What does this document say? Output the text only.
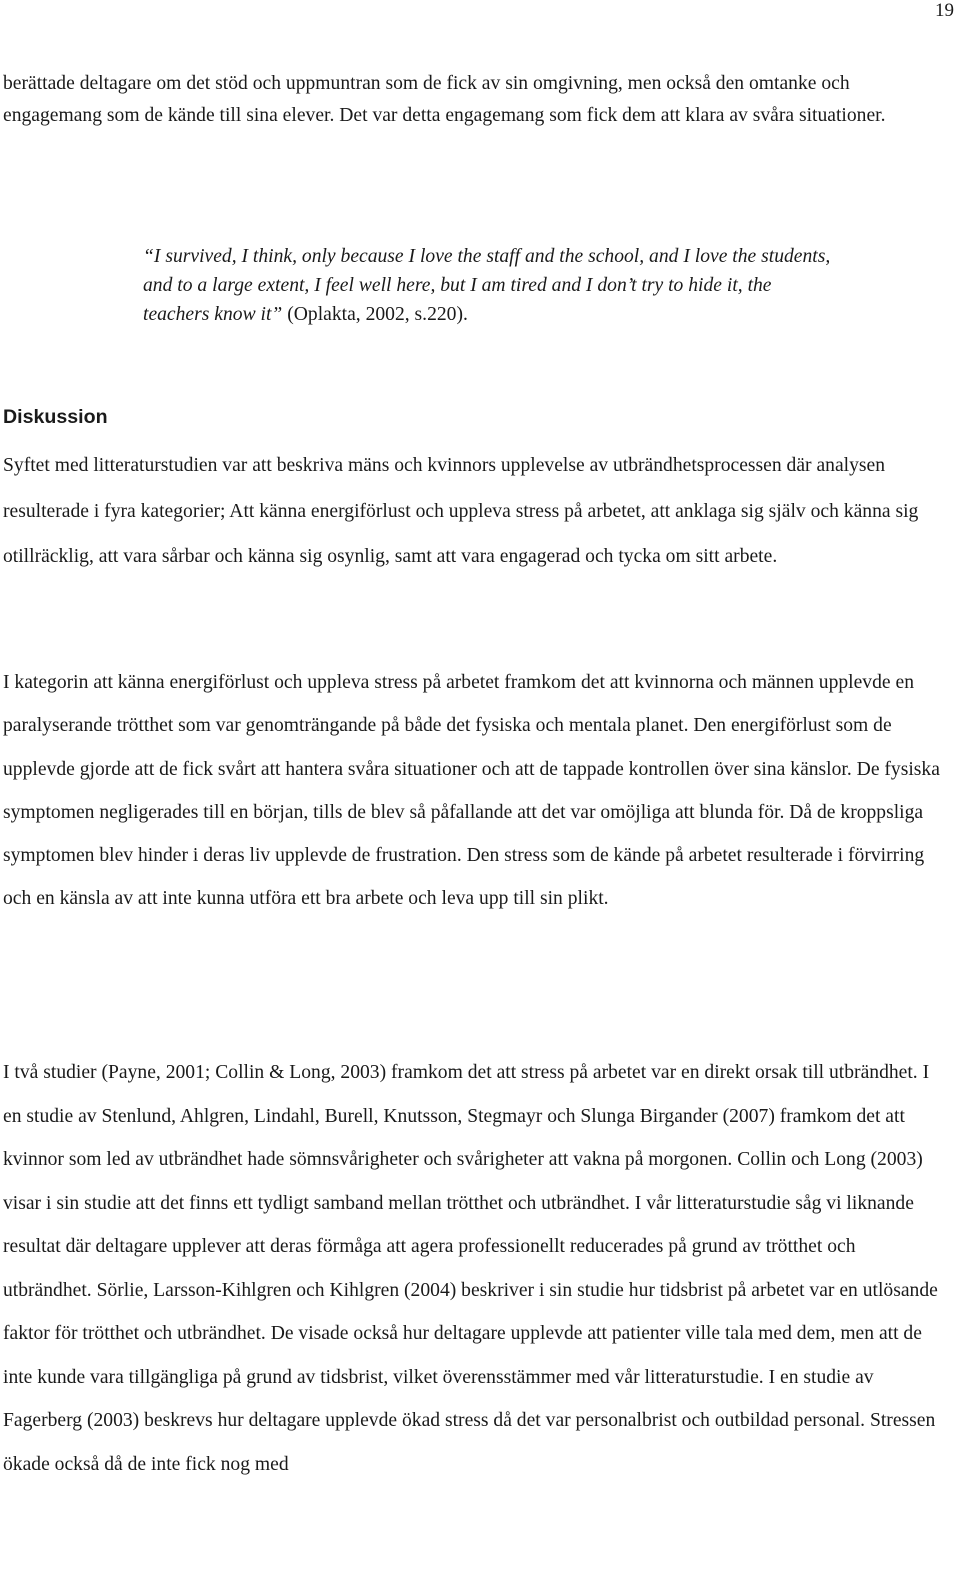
19

berättade deltagare om det stöd och uppmuntran som de fick av sin omgivning, men också den omtanke och engagemang som de kände till sina elever. Det var detta engagemang som fick dem att klara av svåra situationer.

“I survived, I think, only because I love the staff and the school, and I love the students, and to a large extent, I feel well here, but I am tired and I don’t try to hide it, the teachers know it” (Oplakta, 2002, s.220).

Diskussion

Syftet med litteraturstudien var att beskriva mäns och kvinnors upplevelse av utbrändhetsprocessen där analysen resulterade i fyra kategorier; Att känna energiförlust och uppleva stress på arbetet, att anklaga sig själv och känna sig otillräcklig, att vara sårbar och känna sig osynlig, samt att vara engagerad och tycka om sitt arbete.

I kategorin att känna energiförlust och uppleva stress på arbetet framkom det att kvinnorna och männen upplevde en paralyserande trötthet som var genomträngande på både det fysiska och mentala planet. Den energiförlust som de upplevde gjorde att de fick svårt att hantera svåra situationer och att de tappade kontrollen över sina känslor. De fysiska symptomen negligerades till en början, tills de blev så påfallande att det var omöjliga att blunda för. Då de kroppsliga symptomen blev hinder i deras liv upplevde de frustration. Den stress som de kände på arbetet resulterade i förvirring och en känsla av att inte kunna utföra ett bra arbete och leva upp till sin plikt.

I två studier (Payne, 2001; Collin & Long, 2003) framkom det att stress på arbetet var en direkt orsak till utbrändhet. I en studie av Stenlund, Ahlgren, Lindahl, Burell, Knutsson, Stegmayr och Slunga Birgander (2007) framkom det att kvinnor som led av utbrändhet hade sömnsvårigheter och svårigheter att vakna på morgonen. Collin och Long (2003) visar i sin studie att det finns ett tydligt samband mellan trötthet och utbrändhet. I vår litteraturstudie såg vi liknande resultat där deltagare upplever att deras förmåga att agera professionellt reducerades på grund av trötthet och utbrändhet. Sörlie, Larsson-Kihlgren och Kihlgren (2004) beskriver i sin studie hur tidsbrist på arbetet var en utlösande faktor för trötthet och utbrändhet. De visade också hur deltagare upplevde att patienter ville tala med dem, men att de inte kunde vara tillgängliga på grund av tidsbrist, vilket överensstämmer med vår litteraturstudie. I en studie av Fagerberg (2003) beskrevs hur deltagare upplevde ökad stress då det var personalbrist och outbildad personal. Stressen ökade också då de inte fick nog med
